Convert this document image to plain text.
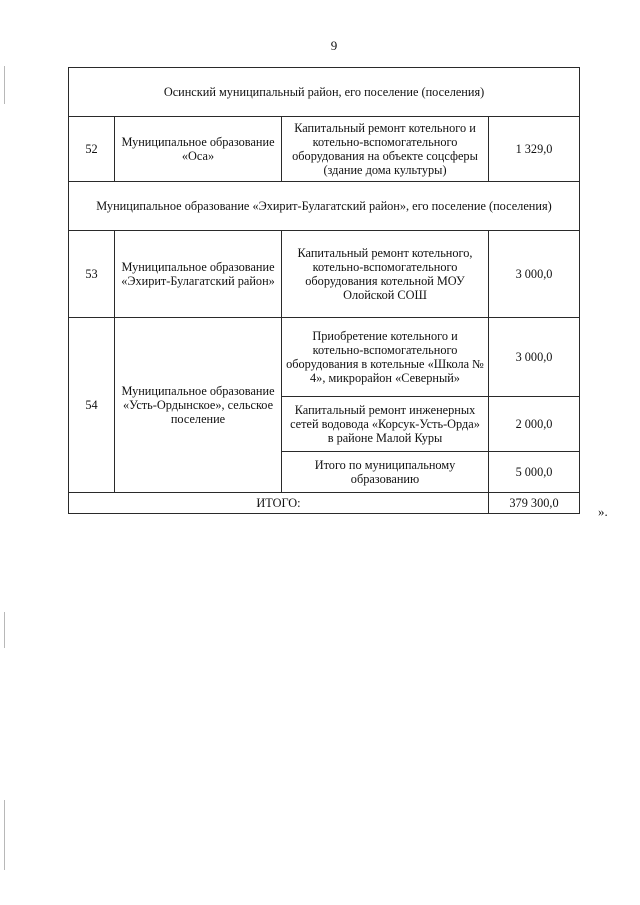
9
Осинский муниципальный район, его поселение (поселения)			
52	Муниципальное образование «Оса»	Капитальный ремонт котельного и котельно-вспомогательного оборудования на объекте соцсферы (здание дома культуры)	1 329,0
Муниципальное образование «Эхирит-Булагатский район», его поселение (поселения)			
53	Муниципальное образование «Эхирит-Булагатский район»	Капитальный ремонт котельного, котельно-вспомогательного оборудования котельной МОУ Олойской СОШ	3 000,0
54	Муниципальное образование «Усть-Ордынское», сельское поселение	Приобретение котельного и котельно-вспомогательного оборудования в котельные «Школа № 4», микрорайон «Северный»	3 000,0
		Капитальный ремонт инженерных сетей водовода «Корсук-Усть-Орда» в районе Малой Куры	2 000,0
		Итого по муниципальному образованию	5 000,0
ИТОГО:			379 300,0
».
